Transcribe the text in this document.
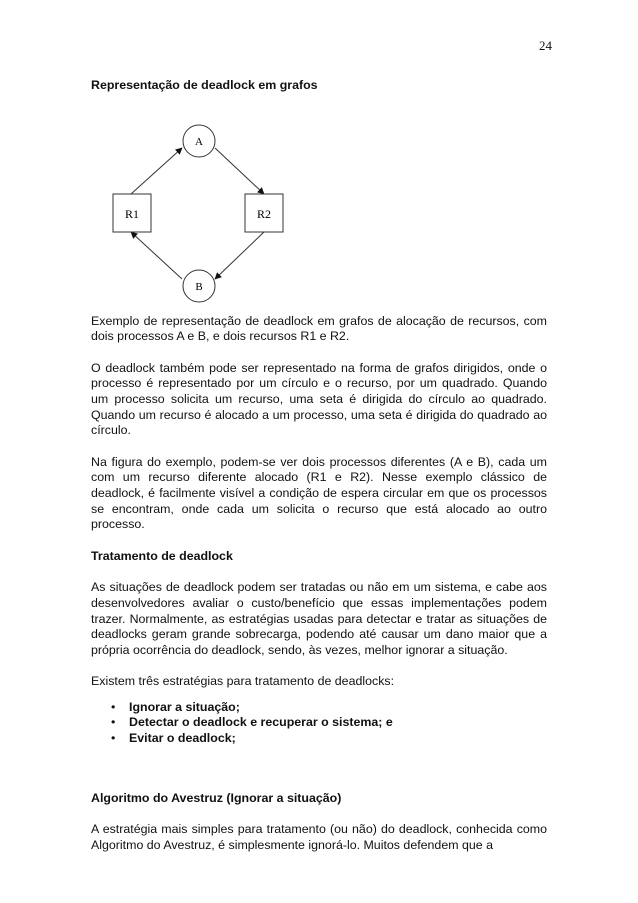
24

Representação de deadlock em grafos

A
B
R1	R2

Exemplo de representação de deadlock em grafos de alocação de recursos, com dois processos A e B, e dois recursos R1 e R2.

O deadlock também pode ser representado na forma de grafos dirigidos, onde o processo é representado por um círculo e o recurso, por um quadrado. Quando um processo solicita um recurso, uma seta é dirigida do círculo ao quadrado. Quando um recurso é alocado a um processo, uma seta é dirigida do quadrado ao círculo.

Na figura do exemplo, podem-se ver dois processos diferentes (A e B), cada um com um recurso diferente alocado (R1 e R2). Nesse exemplo clássico de deadlock, é facilmente visível a condição de espera circular em que os processos se encontram, onde cada um solicita o recurso que está alocado ao outro processo.

Tratamento de deadlock

As situações de deadlock podem ser tratadas ou não em um sistema, e cabe aos desenvolvedores avaliar o custo/benefício que essas implementações podem trazer. Normalmente, as estratégias usadas para detectar e tratar as situações de deadlocks geram grande sobrecarga, podendo até causar um dano maior que a própria ocorrência do deadlock, sendo, às vezes, melhor ignorar a situação.

Existem três estratégias para tratamento de deadlocks:

• Ignorar a situação;
• Detectar o deadlock e recuperar o sistema; e
• Evitar o deadlock;

Algoritmo do Avestruz (Ignorar a situação)

A estratégia mais simples para tratamento (ou não) do deadlock, conhecida como Algoritmo do Avestruz, é simplesmente ignorá-lo. Muitos defendem que a
